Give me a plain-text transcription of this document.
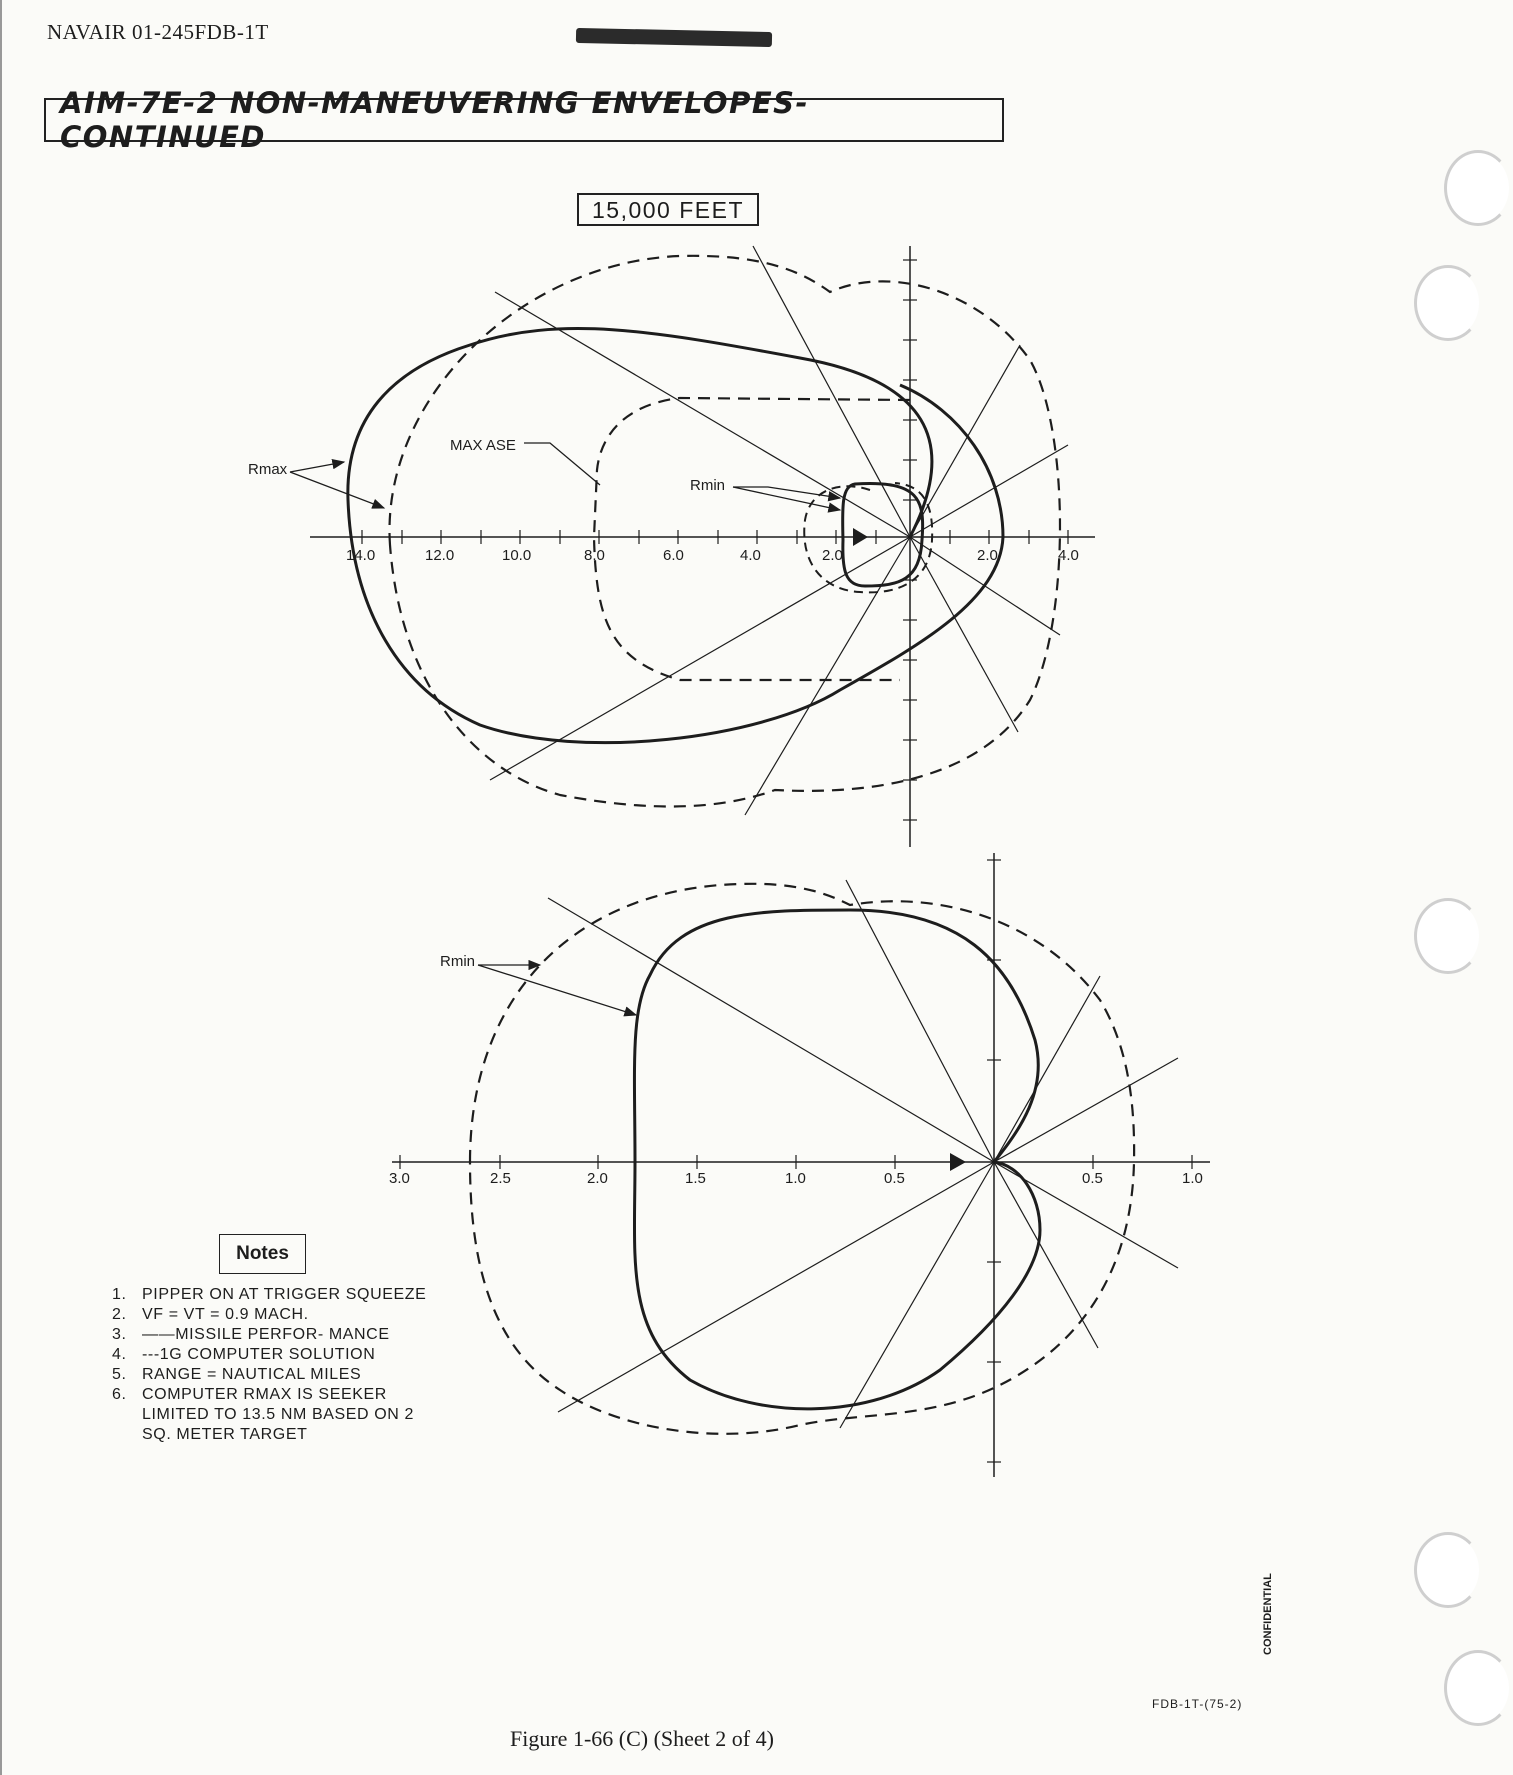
NAVAIR 01-245FDB-1T
AIM-7E-2 NON-MANEUVERING ENVELOPES- CONTINUED
15,000 FEET
Rmax
MAX ASE
Rmin
14.0	12.0	10.0	8.0	6.0	4.0	2.0	2.0	4.0
Rmin
3.0	2.5	2.0	1.5	1.0	0.5	0.5	1.0
Notes
1. PIPPER ON AT TRIGGER SQUEEZE
2. VF = VT = 0.9 MACH.
3. ——MISSILE PERFOR- MANCE
4. ---1G COMPUTER SOLUTION
5. RANGE = NAUTICAL MILES
6. COMPUTER RMAX IS SEEKER LIMITED TO 13.5 NM BASED ON 2 SQ. METER TARGET
CONFIDENTIAL
FDB-1T-(75-2)
Figure 1-66 (C) (Sheet 2 of 4)
